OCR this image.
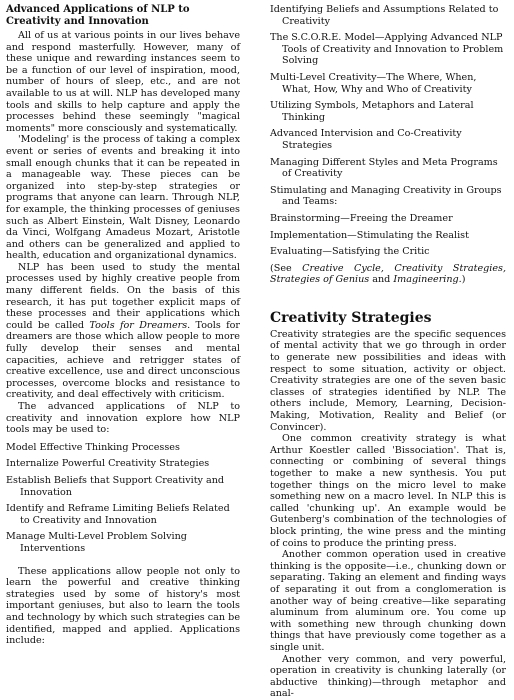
Advanced Applications of NLP to Creativity and Innovation

All of us at various points in our lives behave and respond masterfully. However, many of these unique and rewarding instances seem to be a function of our level of inspiration, mood, number of hours of sleep, etc., and are not available to us at will. NLP has developed many tools and skills to help capture and apply the processes behind these seemingly "magical moments" more consciously and systematically.

'Modeling' is the process of taking a complex event or series of events and breaking it into small enough chunks that it can be repeated in a manageable way. These pieces can be organized into step-by-step strategies or programs that anyone can learn. Through NLP, for example, the thinking processes of geniuses such as Albert Einstein, Walt Disney, Leonardo da Vinci, Wolfgang Amadeus Mozart, Aristotle and others can be generalized and applied to health, education and organizational dynamics.

NLP has been used to study the mental processes used by highly creative people from many different fields. On the basis of this research, it has put together explicit maps of these processes and their applications which could be called Tools for Dreamers. Tools for dreamers are those which allow people to more fully develop their senses and mental capacities, achieve and retrigger states of creative excellence, use and direct unconscious processes, overcome blocks and resistance to creativity, and deal effectively with criticism.

The advanced applications of NLP to creativity and innovation explore how NLP tools may be used to:

Model Effective Thinking Processes
Internalize Powerful Creativity Strategies
Establish Beliefs that Support Creativity and Innovation
Identify and Reframe Limiting Beliefs Related to Creativity and Innovation
Manage Multi-Level Problem Solving Interventions

These applications allow people not only to learn the powerful and creative thinking strategies used by some of history's most important geniuses, but also to learn the tools and technology by which such strategies can be identified, mapped and applied. Applications include:

Identifying Beliefs and Assumptions Related to Creativity
The S.C.O.R.E. Model—Applying Advanced NLP Tools of Creativity and Innovation to Problem Solving
Multi-Level Creativity—The Where, When, What, How, Why and Who of Creativity
Utilizing Symbols, Metaphors and Lateral Thinking
Advanced Intervision and Co-Creativity Strategies
Managing Different Styles and Meta Programs of Creativity
Stimulating and Managing Creativity in Groups and Teams:
Brainstorming—Freeing the Dreamer
Implementation—Stimulating the Realist
Evaluating—Satisfying the Critic

(See Creative Cycle, Creativity Strategies, Strategies of Genius and Imagineering.)

Creativity Strategies

Creativity strategies are the specific sequences of mental activity that we go through in order to generate new possibilities and ideas with respect to some situation, activity or object. Creativity strategies are one of the seven basic classes of strategies identified by NLP. The others include, Memory, Learning, Decision-Making, Motivation, Reality and Belief (or Convincer).

One common creativity strategy is what Arthur Koestler called 'Bissociation'. That is, connecting or combining of several things together to make a new synthesis. You put together things on the micro level to make something new on a macro level. In NLP this is called 'chunking up'. An example would be Gutenberg's combination of the technologies of block printing, the wine press and the minting of coins to produce the printing press.

Another common operation used in creative thinking is the opposite—i.e., chunking down or separating. Taking an element and finding ways of separating it out from a conglomeration is another way of being creative—like separating aluminum from aluminum ore. You come up with something new through chunking down things that have previously come together as a single unit.

Another very common, and very powerful, operation in creativity is chunking laterally (or abductive thinking)—through metaphor and anal-
